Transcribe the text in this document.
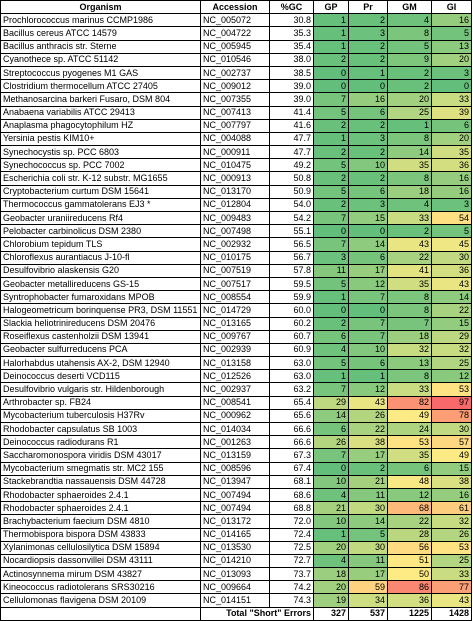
Organism	Accession	%GC	GP	Pr	GM	GI
Prochlorococcus marinus CCMP1986	NC_005072	30.8	1	2	4	16
Bacillus cereus ATCC 14579	NC_004722	35.3	1	3	8	5
Bacillus anthracis str. Sterne	NC_005945	35.4	1	2	5	13
Cyanothece sp. ATCC 51142	NC_010546	38.0	2	2	9	20
Streptococcus pyogenes M1 GAS	NC_002737	38.5	0	1	2	3
Clostridium thermocellum ATCC 27405	NC_009012	39.0	0	0	2	0
Methanosarcina barkeri Fusaro, DSM 804	NC_007355	39.0	7	16	20	33
Anabaena variabilis ATCC 29413	NC_007413	41.4	5	6	25	39
Anaplasma phagocytophilum HZ	NC_007797	41.6	2	2	1	6
Yersinia pestis KIM10+	NC_004088	47.7	1	3	8	20
Synechocystis sp. PCC 6803	NC_000911	47.7	2	2	14	35
Synechococcus sp. PCC 7002	NC_010475	49.2	5	10	35	36
Escherichia coli str. K-12 substr. MG1655	NC_000913	50.8	2	2	8	16
Cryptobacterium curtum DSM 15641	NC_013170	50.9	5	6	18	16
Thermococcus gammatolerans EJ3 *	NC_012804	54.0	2	3	4	3
Geobacter uraniireducens Rf4	NC_009483	54.2	7	15	33	54
Pelobacter carbinolicus DSM 2380	NC_007498	55.1	0	0	2	5
Chlorobium tepidum TLS	NC_002932	56.5	7	14	43	45
Chloroflexus aurantiacus J-10-fl	NC_010175	56.7	3	6	22	30
Desulfovibrio alaskensis G20	NC_007519	57.8	11	17	41	36
Geobacter metallireducens GS-15	NC_007517	59.5	5	12	35	43
Syntrophobacter fumaroxidans MPOB	NC_008554	59.9	1	7	8	14
Halogeometricum borinquense PR3, DSM 11551	NC_014729	60.0	0	0	8	22
Slackia heliotrinireducens DSM 20476	NC_013165	60.2	2	7	7	15
Roseiflexus castenholzii DSM 13941	NC_009767	60.7	6	7	18	29
Geobacter sulfurreducens PCA	NC_002939	60.9	4	10	32	32
Halorhabdus utahensis AX-2, DSM 12940	NC_013158	63.0	5	6	13	25
Deinococcus deserti VCD115	NC_012526	63.0	1	1	8	12
Desulfovibrio vulgaris str. Hildenborough	NC_002937	63.2	7	12	33	53
Arthrobacter sp. FB24	NC_008541	65.4	29	43	82	97
Mycobacterium tuberculosis H37Rv	NC_000962	65.6	14	26	49	78
Rhodobacter capsulatus SB 1003	NC_014034	66.6	6	22	24	30
Deinococcus radiodurans R1	NC_001263	66.6	26	38	53	57
Saccharomonospora viridis DSM 43017	NC_013159	67.3	7	17	35	49
Mycobacterium smegmatis str. MC2 155	NC_008596	67.4	0	2	6	15
Stackebrandtia nassauensis DSM 44728	NC_013947	68.1	10	21	48	38
Rhodobacter sphaeroides 2.4.1	NC_007494	68.6	4	11	12	16
Rhodobacter sphaeroides 2.4.1	NC_007494	68.8	21	30	68	61
Brachybacterium faecium DSM 4810	NC_013172	72.0	10	14	22	32
Thermobispora bispora DSM 43833	NC_014165	72.4	1	5	28	26
Xylanimonas cellulosilytica DSM 15894	NC_013530	72.5	20	30	56	53
Nocardiopsis dassonvillei DSM 43111	NC_014210	72.7	4	11	51	25
Actinosynnema mirum DSM 43827	NC_013093	73.7	18	17	50	33
Kineococcus radiotolerans SRS30216	NC_009664	74.2	20	59	86	77
Cellulomonas flavigena DSM 20109	NC_014151	74.3	19	34	36	43
	Total "Short" Errors		327	537	1225	1428
